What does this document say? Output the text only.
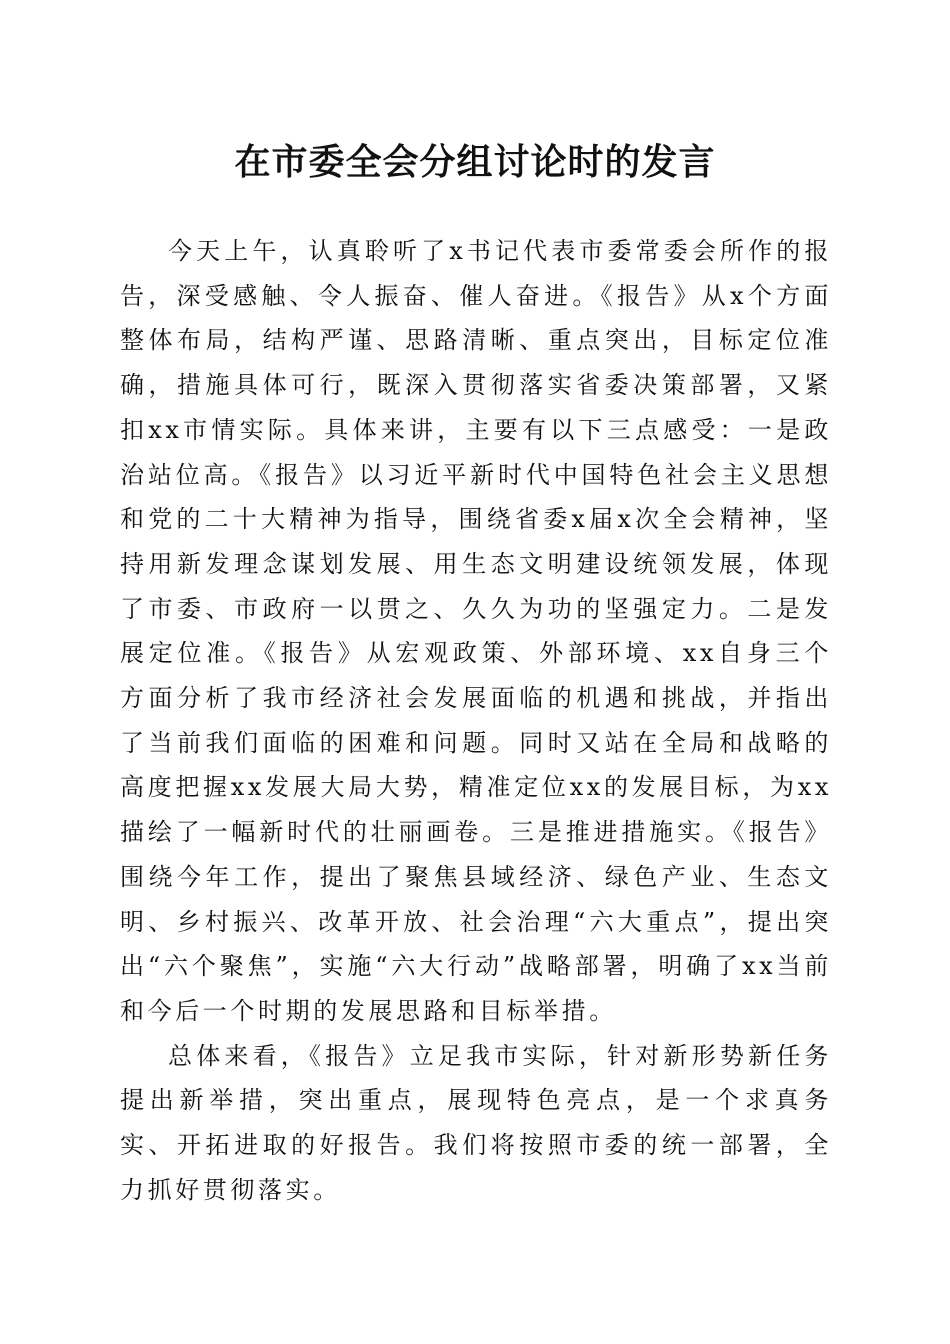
在市委全会分组讨论时的发言

今天上午，认真聆听了x书记代表市委常委会所作的报告，深受感触、令人振奋、催人奋进。《报告》从x个方面整体布局，结构严谨、思路清晰、重点突出，目标定位准确，措施具体可行，既深入贯彻落实省委决策部署，又紧扣xx市情实际。具体来讲，主要有以下三点感受：一是政治站位高。《报告》以习近平新时代中国特色社会主义思想和党的二十大精神为指导，围绕省委x届x次全会精神，坚持用新发理念谋划发展、用生态文明建设统领发展，体现了市委、市政府一以贯之、久久为功的坚强定力。二是发展定位准。《报告》从宏观政策、外部环境、xx自身三个方面分析了我市经济社会发展面临的机遇和挑战，并指出了当前我们面临的困难和问题。同时又站在全局和战略的高度把握xx发展大局大势，精准定位xx的发展目标，为xx描绘了一幅新时代的壮丽画卷。三是推进措施实。《报告》围绕今年工作，提出了聚焦县域经济、绿色产业、生态文明、乡村振兴、改革开放、社会治理“六大重点”，提出突出“六个聚焦”，实施“六大行动”战略部署，明确了xx当前和今后一个时期的发展思路和目标举措。

总体来看，《报告》立足我市实际，针对新形势新任务提出新举措，突出重点，展现特色亮点，是一个求真务实、开拓进取的好报告。我们将按照市委的统一部署，全力抓好贯彻落实。
